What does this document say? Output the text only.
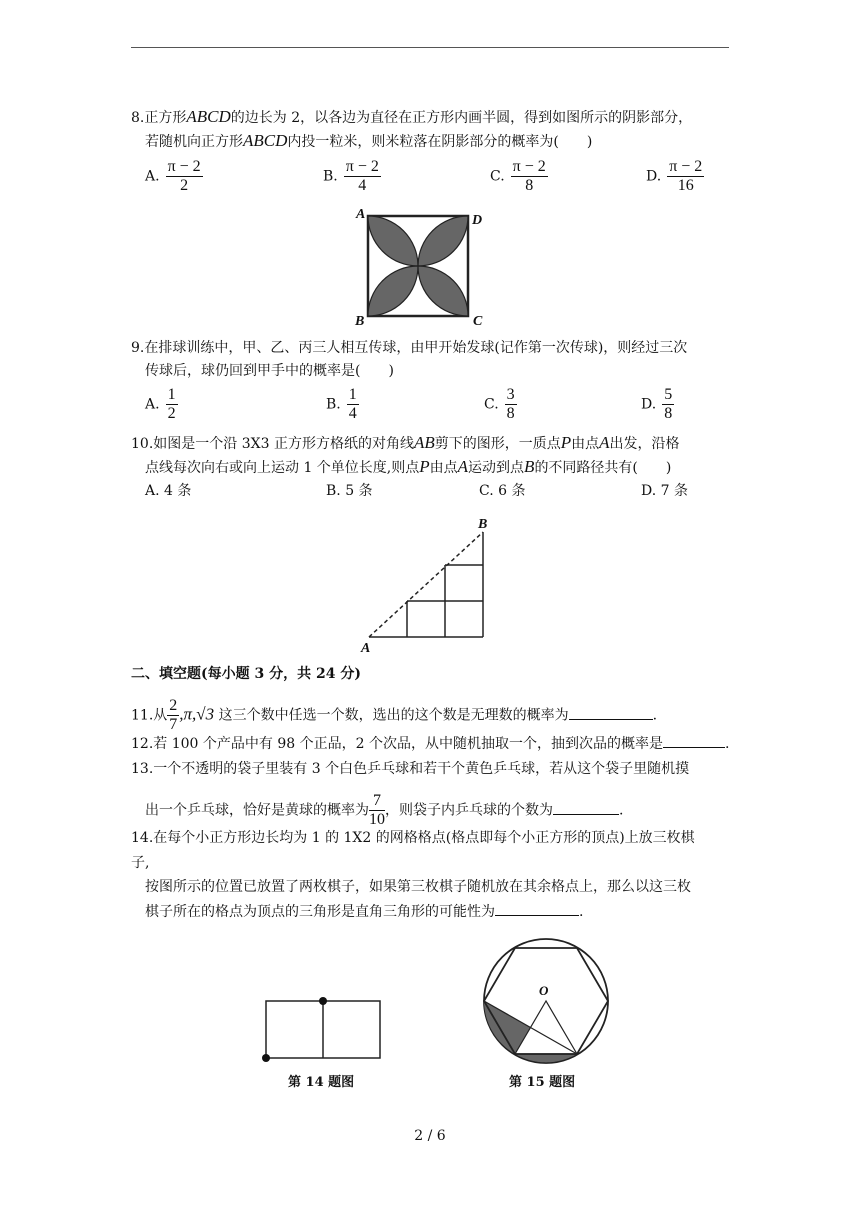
8.正方形ABCD的边长为 2，以各边为直径在正方形内画半圆，得到如图所示的阴影部分，
若随机向正方形ABCD内投一粒米，则米粒落在阴影部分的概率为(　　)
A. $\frac{\pi - 2}{2}$	B. $\frac{\pi - 2}{4}$	C. $\frac{\pi - 2}{8}$	D. $\frac{\pi - 2}{16}$
A	D
B	C
9.在排球训练中，甲、乙、丙三人相互传球，由甲开始发球(记作第一次传球)，则经过三次
传球后，球仍回到甲手中的概率是(　　)
A. $\frac{1}{2}$	B. $\frac{1}{4}$	C. $\frac{3}{8}$	D. $\frac{5}{8}$
10.如图是一个沿 3X3 正方形方格纸的对角线AB剪下的图形，一质点P由点A出发，沿格
点线每次向右或向上运动 1 个单位长度,则点P由点A运动到点B的不同路径共有(　　)
A. 4 条	B. 5 条	C. 6 条	D. 7 条
A
B
二、填空题(每小题 3 分，共 24 分)
11.从 $\frac{2}{7} ,\pi,√3$ 这三个数中任选一个数，选出的这个数是无理数的概率为	.
12.若 100 个产品中有 98 个正品，2 个次品，从中随机抽取一个，抽到次品的概率是	.
13.一个不透明的袋子里装有 3 个白色乒乓球和若干个黄色乒乓球，若从这个袋子里随机摸
出一个乒乓球，恰好是黄球的概率为 $\frac{7}{10}$ ，则袋子内乒乓球的个数为	.
14.在每个小正方形边长均为 1 的 1X2 的网格格点(格点即每个小正方形的顶点)上放三枚棋
子,
按图所示的位置已放置了两枚棋子，如果第三枚棋子随机放在其余格点上，那么以这三枚
棋子所在的格点为顶点的三角形是直角三角形的可能性为	.
第 14 题图
O
第 15 题图
2 / 6
